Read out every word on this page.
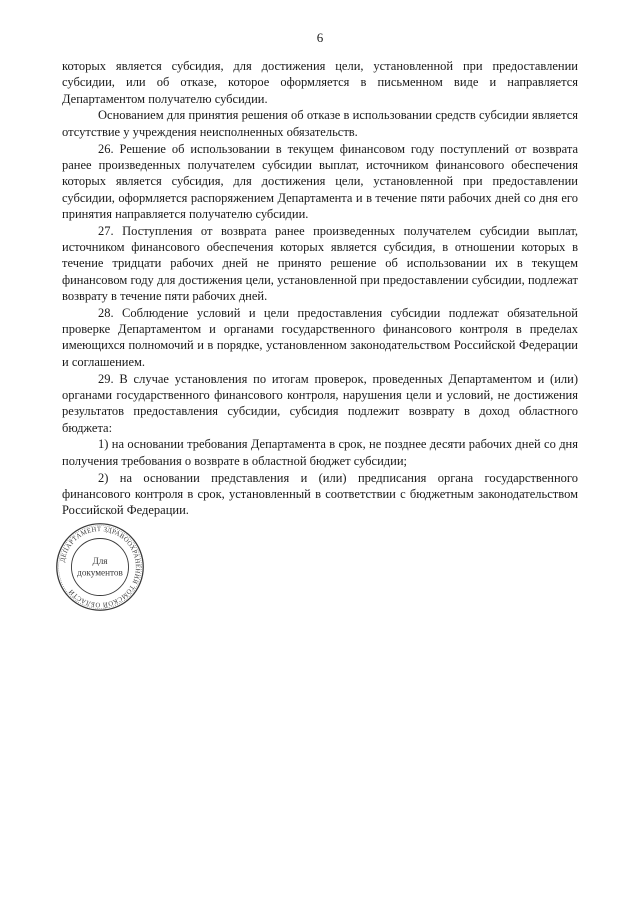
6

которых является субсидия, для достижения цели, установленной при предоставлении субсидии, или об отказе, которое оформляется в письменном виде и направляется Департаментом получателю субсидии.

Основанием для принятия решения об отказе в использовании средств субсидии является отсутствие у учреждения неисполненных обязательств.

26. Решение об использовании в текущем финансовом году поступлений от возврата ранее произведенных получателем субсидии выплат, источником финансового обеспечения которых является субсидия, для достижения цели, установленной при предоставлении субсидии, оформляется распоряжением Департамента и в течение пяти рабочих дней со дня его принятия направляется получателю субсидии.

27. Поступления от возврата ранее произведенных получателем субсидии выплат, источником финансового обеспечения которых является субсидия, в отношении которых в течение тридцати рабочих дней не принято решение об использовании их в текущем финансовом году для достижения цели, установленной при предоставлении субсидии, подлежат возврату в течение пяти рабочих дней.

28. Соблюдение условий и цели предоставления субсидии подлежат обязательной проверке Департаментом и органами государственного финансового контроля в пределах имеющихся полномочий и в порядке, установленном законодательством Российской Федерации и соглашением.

29. В случае установления по итогам проверок, проведенных Департаментом и (или) органами государственного финансового контроля, нарушения цели и условий, не достижения результатов предоставления субсидии, субсидия подлежит возврату в доход областного бюджета:

1) на основании требования Департамента в срок, не позднее десяти рабочих дней со дня получения требования о возврате в областной бюджет субсидии;

2) на основании представления и (или) предписания органа государственного финансового контроля в срок, установленный в соответствии с бюджетным законодательством Российской Федерации.

ДЕПАРТАМЕНТ ЗДРАВООХРАНЕНИЯ ТОМСКОЙ ОБЛАСТИ
Для
документов
